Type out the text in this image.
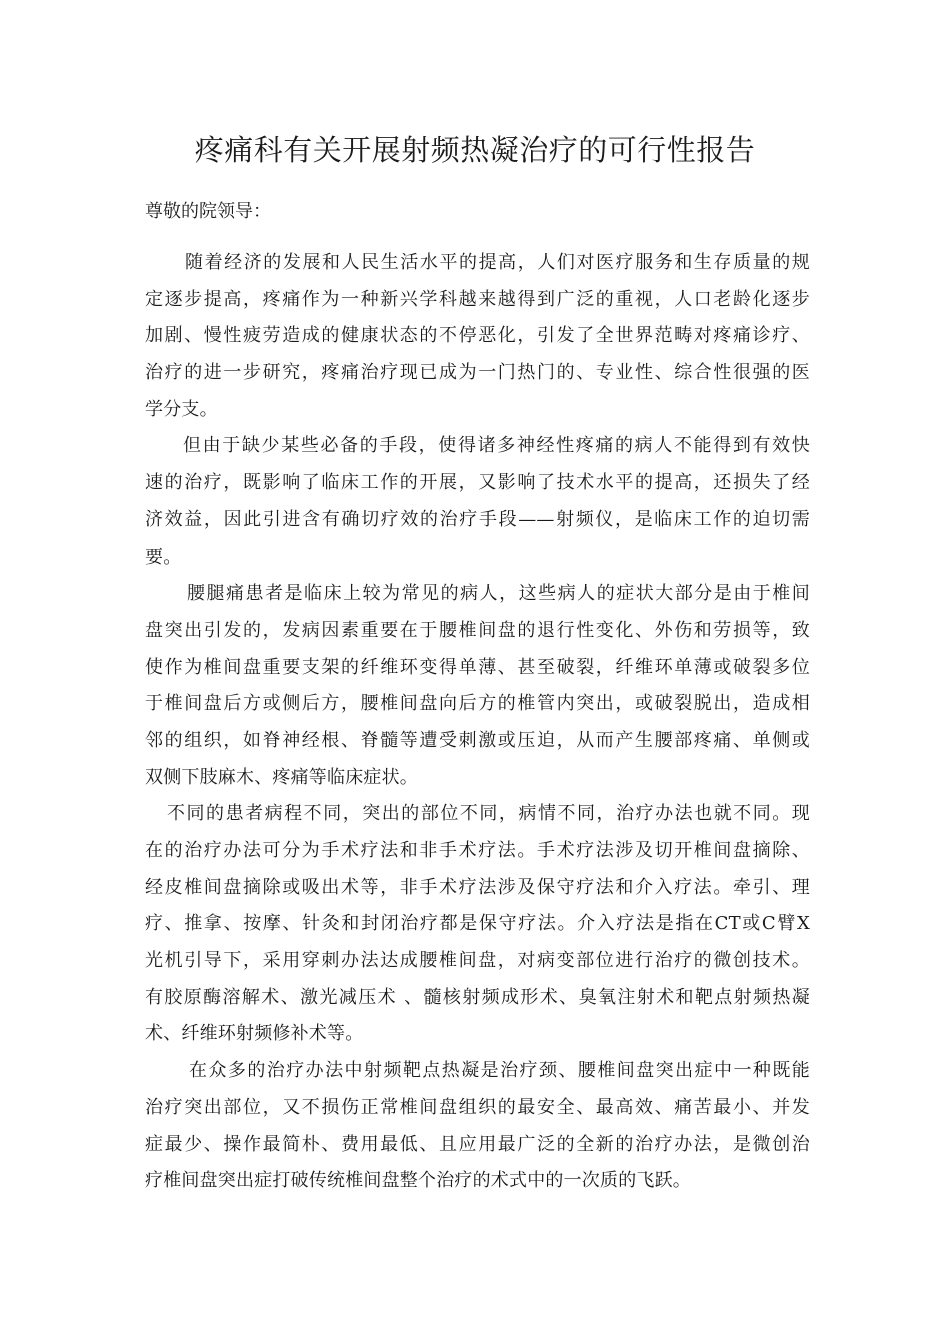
疼痛科有关开展射频热凝治疗的可行性报告

尊敬的院领导：

随着经济的发展和人民生活水平的提高，人们对医疗服务和生存质量的规
定逐步提高，疼痛作为一种新兴学科越来越得到广泛的重视，人口老龄化逐步
加剧、慢性疲劳造成的健康状态的不停恶化，引发了全世界范畴对疼痛诊疗、
治疗的进一步研究，疼痛治疗现已成为一门热门的、专业性、综合性很强的医
学分支。
但由于缺少某些必备的手段，使得诸多神经性疼痛的病人不能得到有效快
速的治疗，既影响了临床工作的开展，又影响了技术水平的提高，还损失了经
济效益，因此引进含有确切疗效的治疗手段——射频仪，是临床工作的迫切需
要。
腰腿痛患者是临床上较为常见的病人，这些病人的症状大部分是由于椎间
盘突出引发的，发病因素重要在于腰椎间盘的退行性变化、外伤和劳损等，致
使作为椎间盘重要支架的纤维环变得单薄、甚至破裂，纤维环单薄或破裂多位
于椎间盘后方或侧后方，腰椎间盘向后方的椎管内突出，或破裂脱出，造成相
邻的组织，如脊神经根、脊髓等遭受刺激或压迫，从而产生腰部疼痛、单侧或
双侧下肢麻木、疼痛等临床症状。
不同的患者病程不同，突出的部位不同，病情不同，治疗办法也就不同。现
在的治疗办法可分为手术疗法和非手术疗法。手术疗法涉及切开椎间盘摘除、
经皮椎间盘摘除或吸出术等，非手术疗法涉及保守疗法和介入疗法。牵引、理
疗、推拿、按摩、针灸和封闭治疗都是保守疗法。介入疗法是指在CT或C臂X
光机引导下，采用穿刺办法达成腰椎间盘，对病变部位进行治疗的微创技术。
有胶原酶溶解术、激光减压术 、髓核射频成形术、臭氧注射术和靶点射频热凝
术、纤维环射频修补术等。
在众多的治疗办法中射频靶点热凝是治疗颈、腰椎间盘突出症中一种既能
治疗突出部位，又不损伤正常椎间盘组织的最安全、最高效、痛苦最小、并发
症最少、操作最简朴、费用最低、且应用最广泛的全新的治疗办法，是微创治
疗椎间盘突出症打破传统椎间盘整个治疗的术式中的一次质的飞跃。
